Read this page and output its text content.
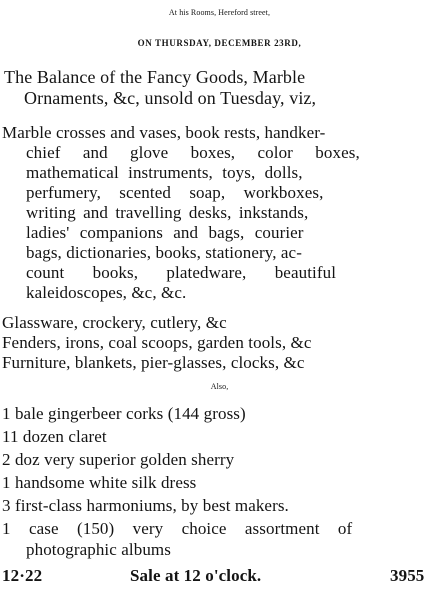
At his Rooms, Hereford street,
ON THURSDAY, DECEMBER 23RD,
The Balance of the Fancy Goods, Marble
Ornaments, &c, unsold on Tuesday, viz,
Marble crosses and vases, book rests, handker-
chief and glove boxes, color boxes,
mathematical instruments, toys, dolls,
perfumery, scented soap, workboxes,
writing and travelling desks, inkstands,
ladies' companions and bags, courier
bags, dictionaries, books, stationery, ac-
count books, platedware, beautiful
kaleidoscopes, &c, &c.
Glassware, crockery, cutlery, &c
Fenders, irons, coal scoops, garden tools, &c
Furniture, blankets, pier-glasses, clocks, &c
Also,
1 bale gingerbeer corks (144 gross)
11 dozen claret
2 doz very superior golden sherry
1 handsome white silk dress
3 first-class harmoniums, by best makers.
1 case (150) very choice assortment of
photographic albums
12·22	Sale at 12 o'clock.	3955
